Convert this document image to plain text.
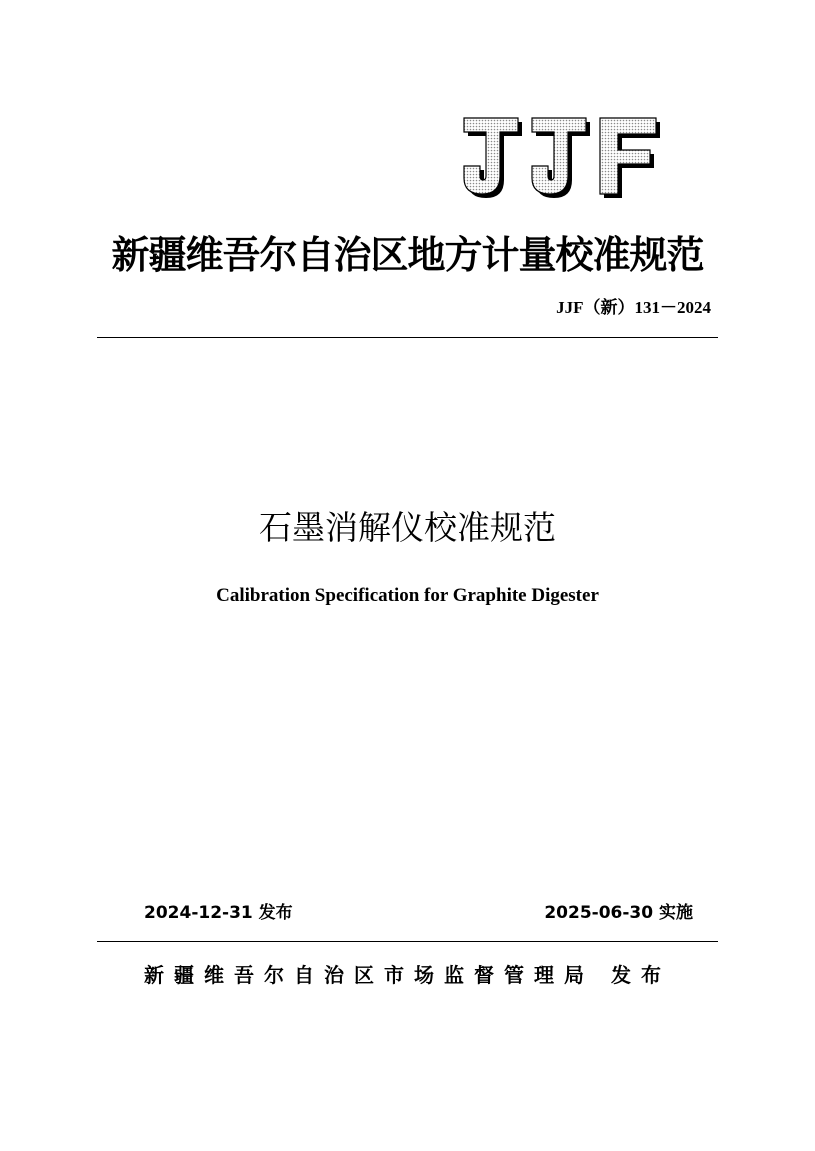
新疆维吾尔自治区地方计量校准规范
JJF（新）131－2024
石墨消解仪校准规范
Calibration Specification for Graphite Digester
2024-12-31 发布	2025-06-30 实施
新疆维吾尔自治区市场监督管理局 发布
